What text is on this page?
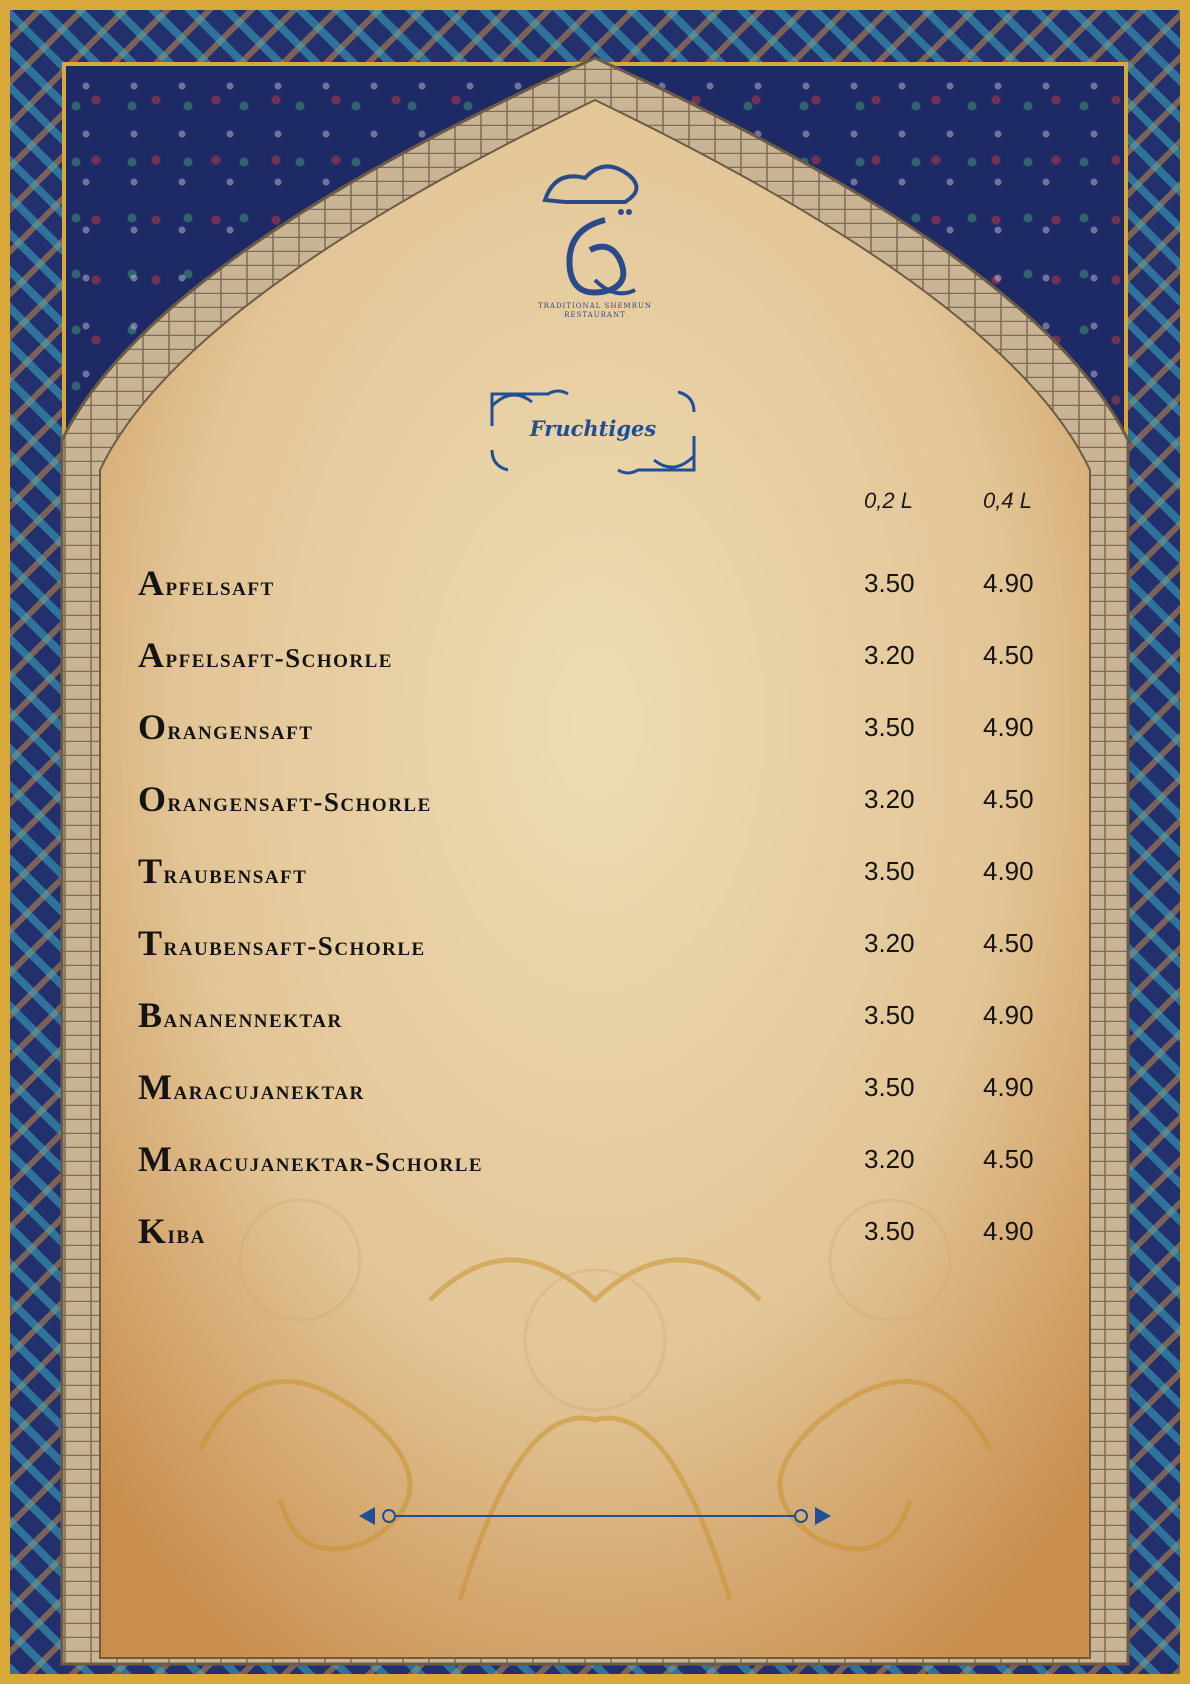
TRADITIONAL SHEMRUN
RESTAURANT
Fruchtiges
0,2 L	0,4 L
Apfelsaft	3.50	4.90
Apfelsaft-Schorle	3.20	4.50
Orangensaft	3.50	4.90
Orangensaft-Schorle	3.20	4.50
Traubensaft	3.50	4.90
Traubensaft-Schorle	3.20	4.50
Bananennektar	3.50	4.90
Maracujanektar	3.50	4.90
Maracujanektar-Schorle	3.20	4.50
Kiba	3.50	4.90
